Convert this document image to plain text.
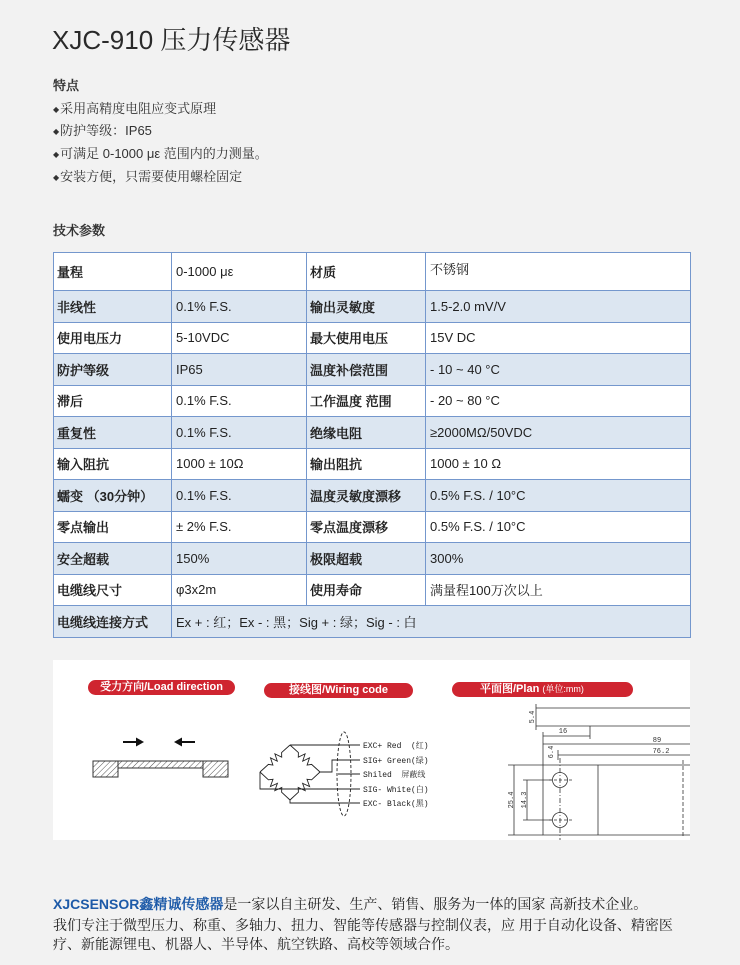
XJC-910 压力传感器
特点
◆采用高精度电阻应变式原理
◆防护等级：IP65
◆可满足 0-1000 με 范围内的力测量。
◆安装方便，只需要使用螺栓固定
技术参数
量程	0-1000 με	材质	不锈钢
非线性	0.1% F.S.	输出灵敏度	1.5-2.0 mV/V
使用电压力	5-10VDC	最大使用电压	15V DC
防护等级	IP65	温度补偿范围	- 10 ~ 40 °C
滞后	0.1% F.S.	工作温度 范围	- 20 ~ 80 °C
重复性	0.1% F.S.	绝缘电阻	≥2000MΩ/50VDC
输入阻抗	1000 ± 10Ω	输出阻抗	1000 ± 10 Ω
蠕变 （30分钟）	0.1% F.S.	温度灵敏度漂移	0.5% F.S. / 10°C
零点输出	± 2% F.S.	零点温度漂移	0.5% F.S. / 10°C
安全超载	150%	极限超载	300%
电缆线尺寸	φ3x2m	使用寿命	满量程100万次以上
电缆线连接方式	Ex + : 红；Ex - : 黑；Sig + : 绿；Sig - : 白		
EXC+ Red  (红)
SIG+ Green(绿)
Shiled  屏蔽线
SIG- White(白)
EXC- Black(黑)
5.4
16
89
76.2
6.4
25.4 14.3
受力方向/Load direction	接线图/Wiring code	平面图/Plan (单位:mm)
XJCSENSOR鑫精诚传感器是一家以自主研发、生产、销售、服务为一体的国家 高新技术企业。
我们专注于微型压力、称重、多轴力、扭力、智能等传感器与控制仪表，应 用于自动化设备、精密医
疗、新能源锂电、机器人、半导体、航空铁路、高校等领域合作。
